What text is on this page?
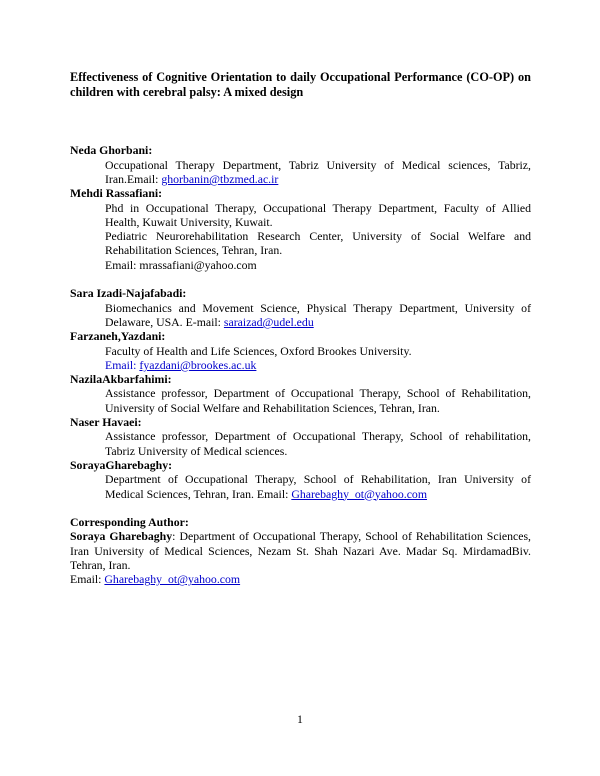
Effectiveness of Cognitive Orientation to daily Occupational Performance (CO-OP) on children with cerebral palsy: A mixed design
Neda Ghorbani:
Occupational Therapy Department, Tabriz University of Medical sciences, Tabriz, Iran.Email: ghorbanin@tbzmed.ac.ir
Mehdi Rassafiani:
Phd in Occupational Therapy, Occupational Therapy Department, Faculty of Allied Health, Kuwait University, Kuwait.
Pediatric Neurorehabilitation Research Center, University of Social Welfare and Rehabilitation Sciences, Tehran, Iran.
Email: mrassafiani@yahoo.com
Sara Izadi-Najafabadi:
Biomechanics and Movement Science, Physical Therapy Department, University of Delaware, USA. E-mail: saraizad@udel.edu
Farzaneh,Yazdani:
Faculty of Health and Life Sciences, Oxford Brookes University.
Email: fyazdani@brookes.ac.uk
NazilaAkbarfahimi:
Assistance professor, Department of Occupational Therapy, School of Rehabilitation, University of Social Welfare and Rehabilitation Sciences, Tehran, Iran.
Naser Havaei:
Assistance professor, Department of Occupational Therapy, School of rehabilitation, Tabriz University of Medical sciences.
SorayaGharebaghy:
Department of Occupational Therapy, School of Rehabilitation, Iran University of Medical Sciences, Tehran, Iran. Email: Gharebaghy_ot@yahoo.com
Corresponding Author:
Soraya Gharebaghy: Department of Occupational Therapy, School of Rehabilitation Sciences, Iran University of Medical Sciences, Nezam St. Shah Nazari Ave. Madar Sq. MirdamadBiv. Tehran, Iran.
Email: Gharebaghy_ot@yahoo.com
1
